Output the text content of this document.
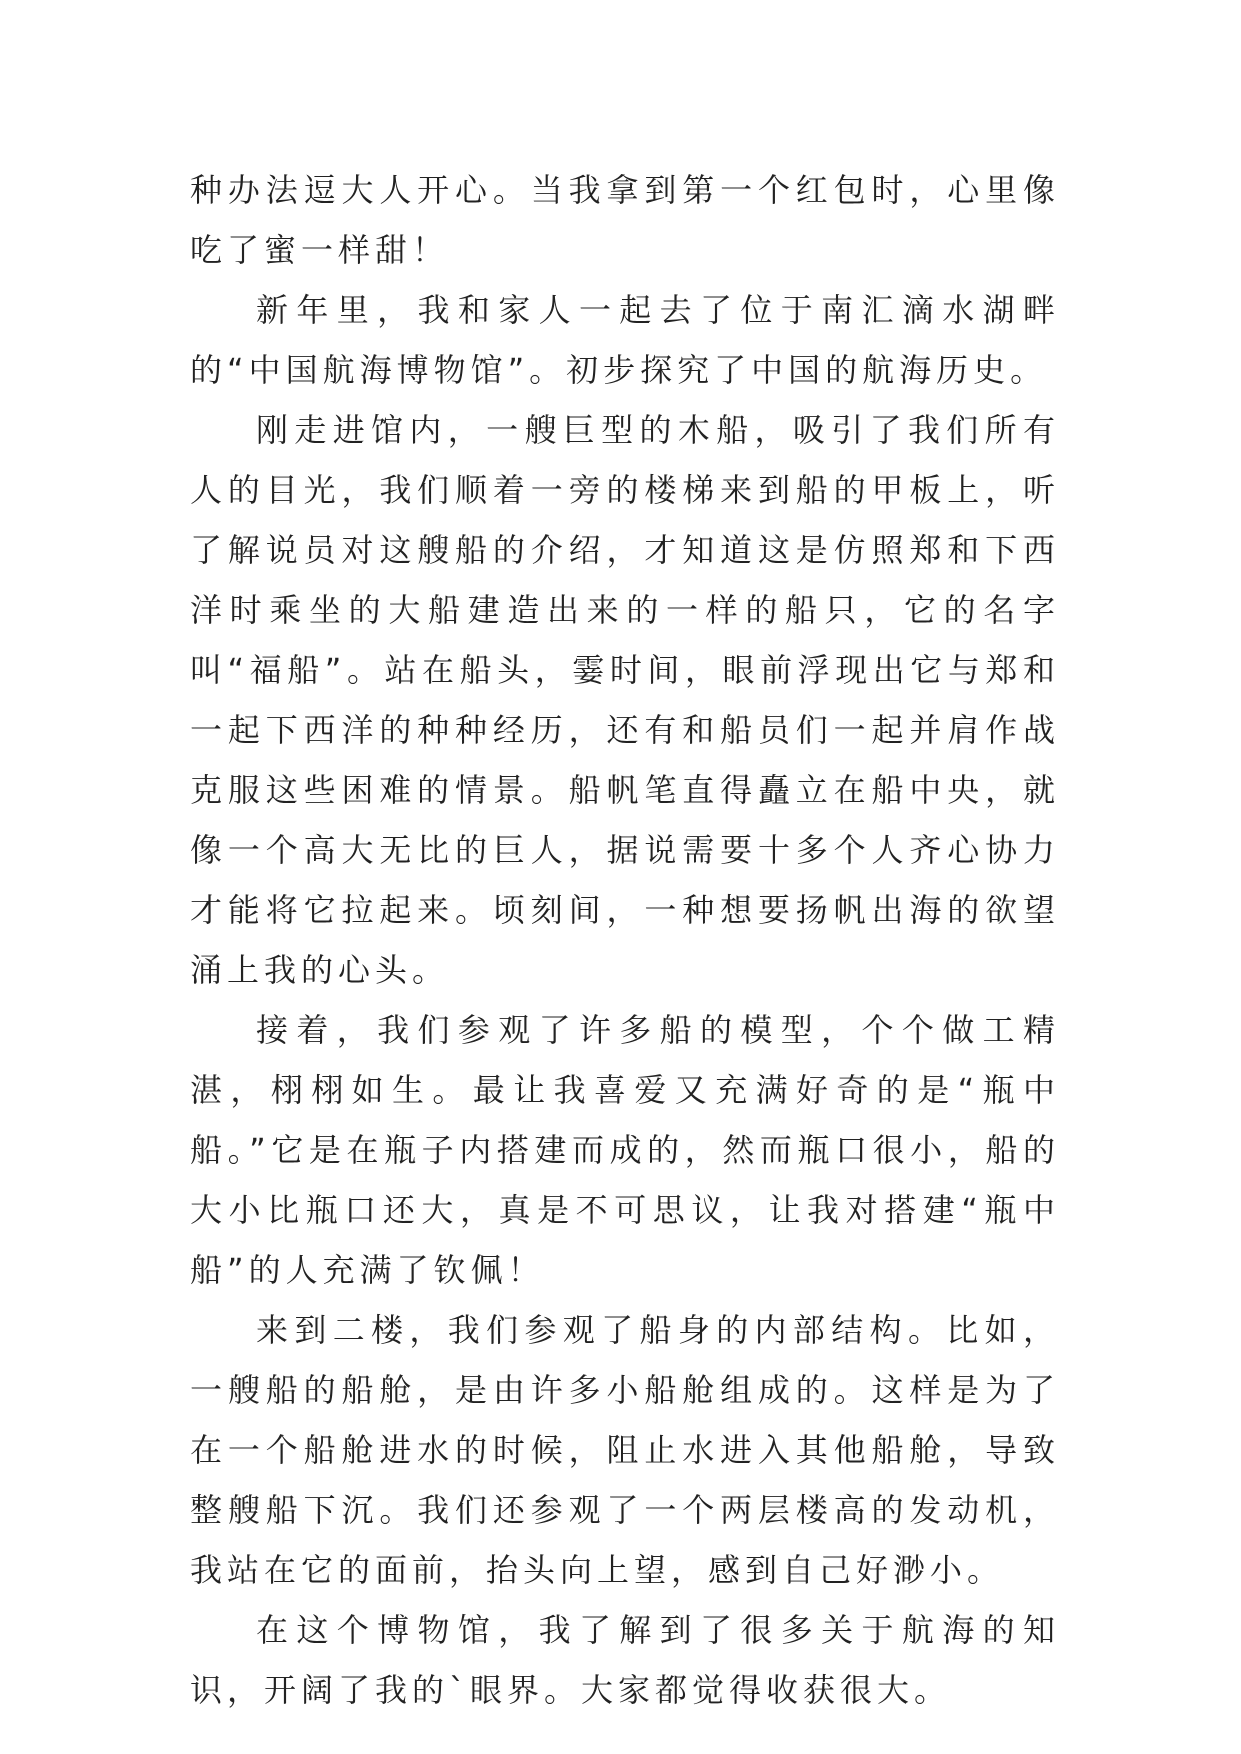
种办法逗大人开心。当我拿到第一个红包时，心里像吃了蜜一样甜！

新年里，我和家人一起去了位于南汇滴水湖畔的“中国航海博物馆”。初步探究了中国的航海历史。

刚走进馆内，一艘巨型的木船，吸引了我们所有人的目光，我们顺着一旁的楼梯来到船的甲板上，听了解说员对这艘船的介绍，才知道这是仿照郑和下西洋时乘坐的大船建造出来的一样的船只，它的名字叫“福船”。站在船头，霎时间，眼前浮现出它与郑和一起下西洋的种种经历，还有和船员们一起并肩作战克服这些困难的情景。船帆笔直得矗立在船中央，就像一个高大无比的巨人，据说需要十多个人齐心协力才能将它拉起来。顷刻间，一种想要扬帆出海的欲望涌上我的心头。

接着，我们参观了许多船的模型，个个做工精湛，栩栩如生。最让我喜爱又充满好奇的是“瓶中船。”它是在瓶子内搭建而成的，然而瓶口很小，船的大小比瓶口还大，真是不可思议，让我对搭建“瓶中船”的人充满了钦佩！

来到二楼，我们参观了船身的内部结构。比如，一艘船的船舱，是由许多小船舱组成的。这样是为了在一个船舱进水的时候，阻止水进入其他船舱，导致整艘船下沉。我们还参观了一个两层楼高的发动机，我站在它的面前，抬头向上望，感到自己好渺小。

在这个博物馆，我了解到了很多关于航海的知识，开阔了我的`眼界。大家都觉得收获很大。
